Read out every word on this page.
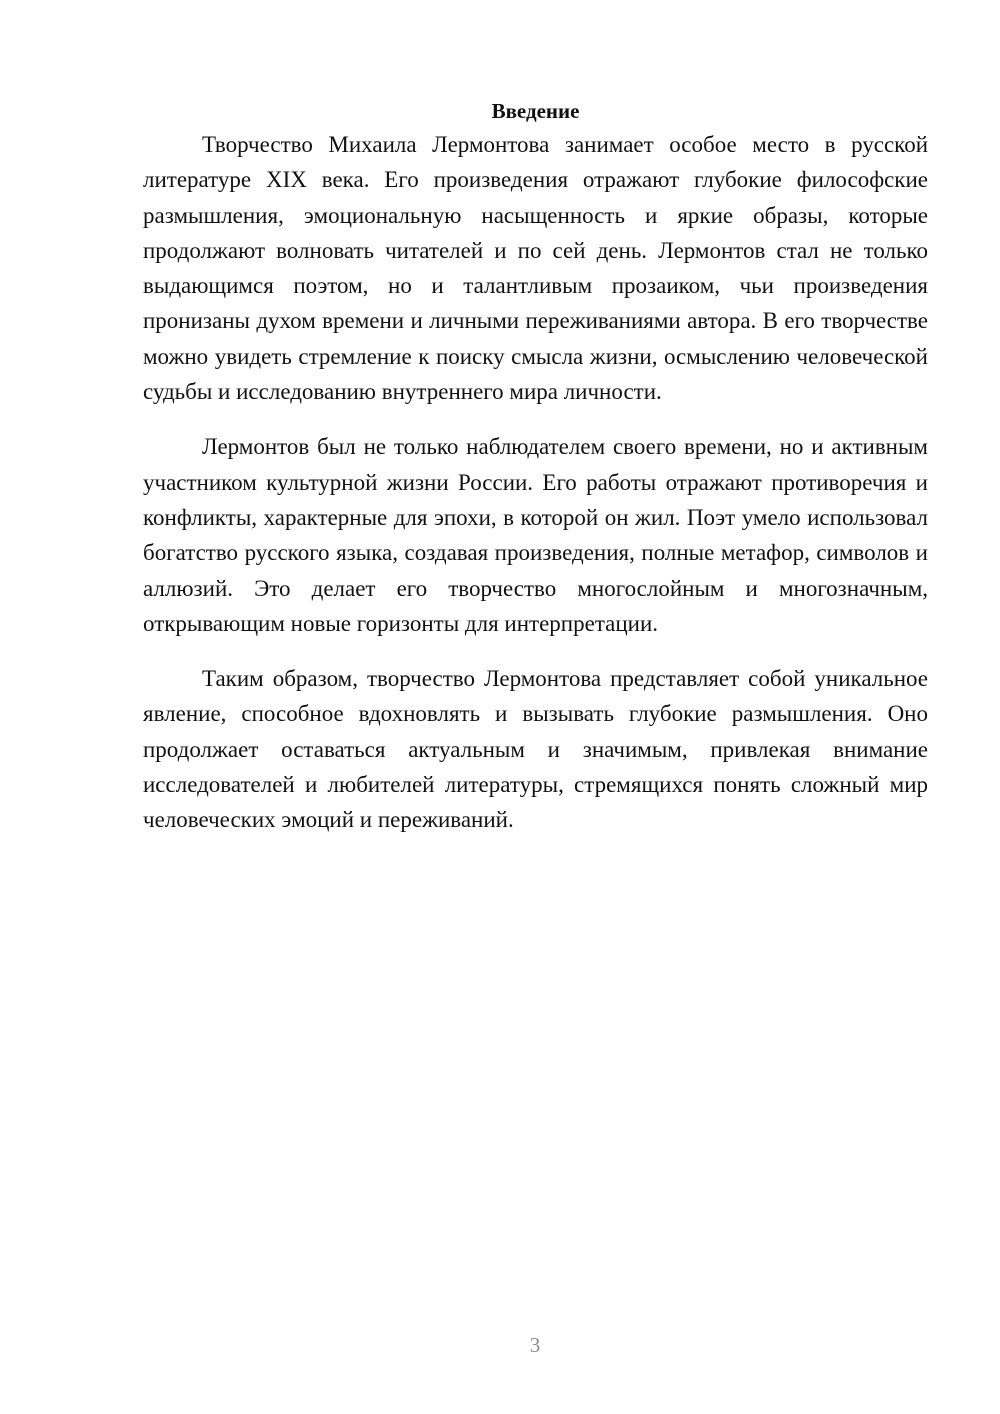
Введение

Творчество Михаила Лермонтова занимает особое место в русской литературе XIX века. Его произведения отражают глубокие философские размышления, эмоциональную насыщенность и яркие образы, которые продолжают волновать читателей и по сей день. Лермонтов стал не только выдающимся поэтом, но и талантливым прозаиком, чьи произведения пронизаны духом времени и личными переживаниями автора. В его творчестве можно увидеть стремление к поиску смысла жизни, осмыслению человеческой судьбы и исследованию внутреннего мира личности.

Лермонтов был не только наблюдателем своего времени, но и активным участником культурной жизни России. Его работы отражают противоречия и конфликты, характерные для эпохи, в которой он жил. Поэт умело использовал богатство русского языка, создавая произведения, полные метафор, символов и аллюзий. Это делает его творчество многослойным и многозначным, открывающим новые горизонты для интерпретации.

Таким образом, творчество Лермонтова представляет собой уникальное явление, способное вдохновлять и вызывать глубокие размышления. Оно продолжает оставаться актуальным и значимым, привлекая внимание исследователей и любителей литературы, стремящихся понять сложный мир человеческих эмоций и переживаний.

3
